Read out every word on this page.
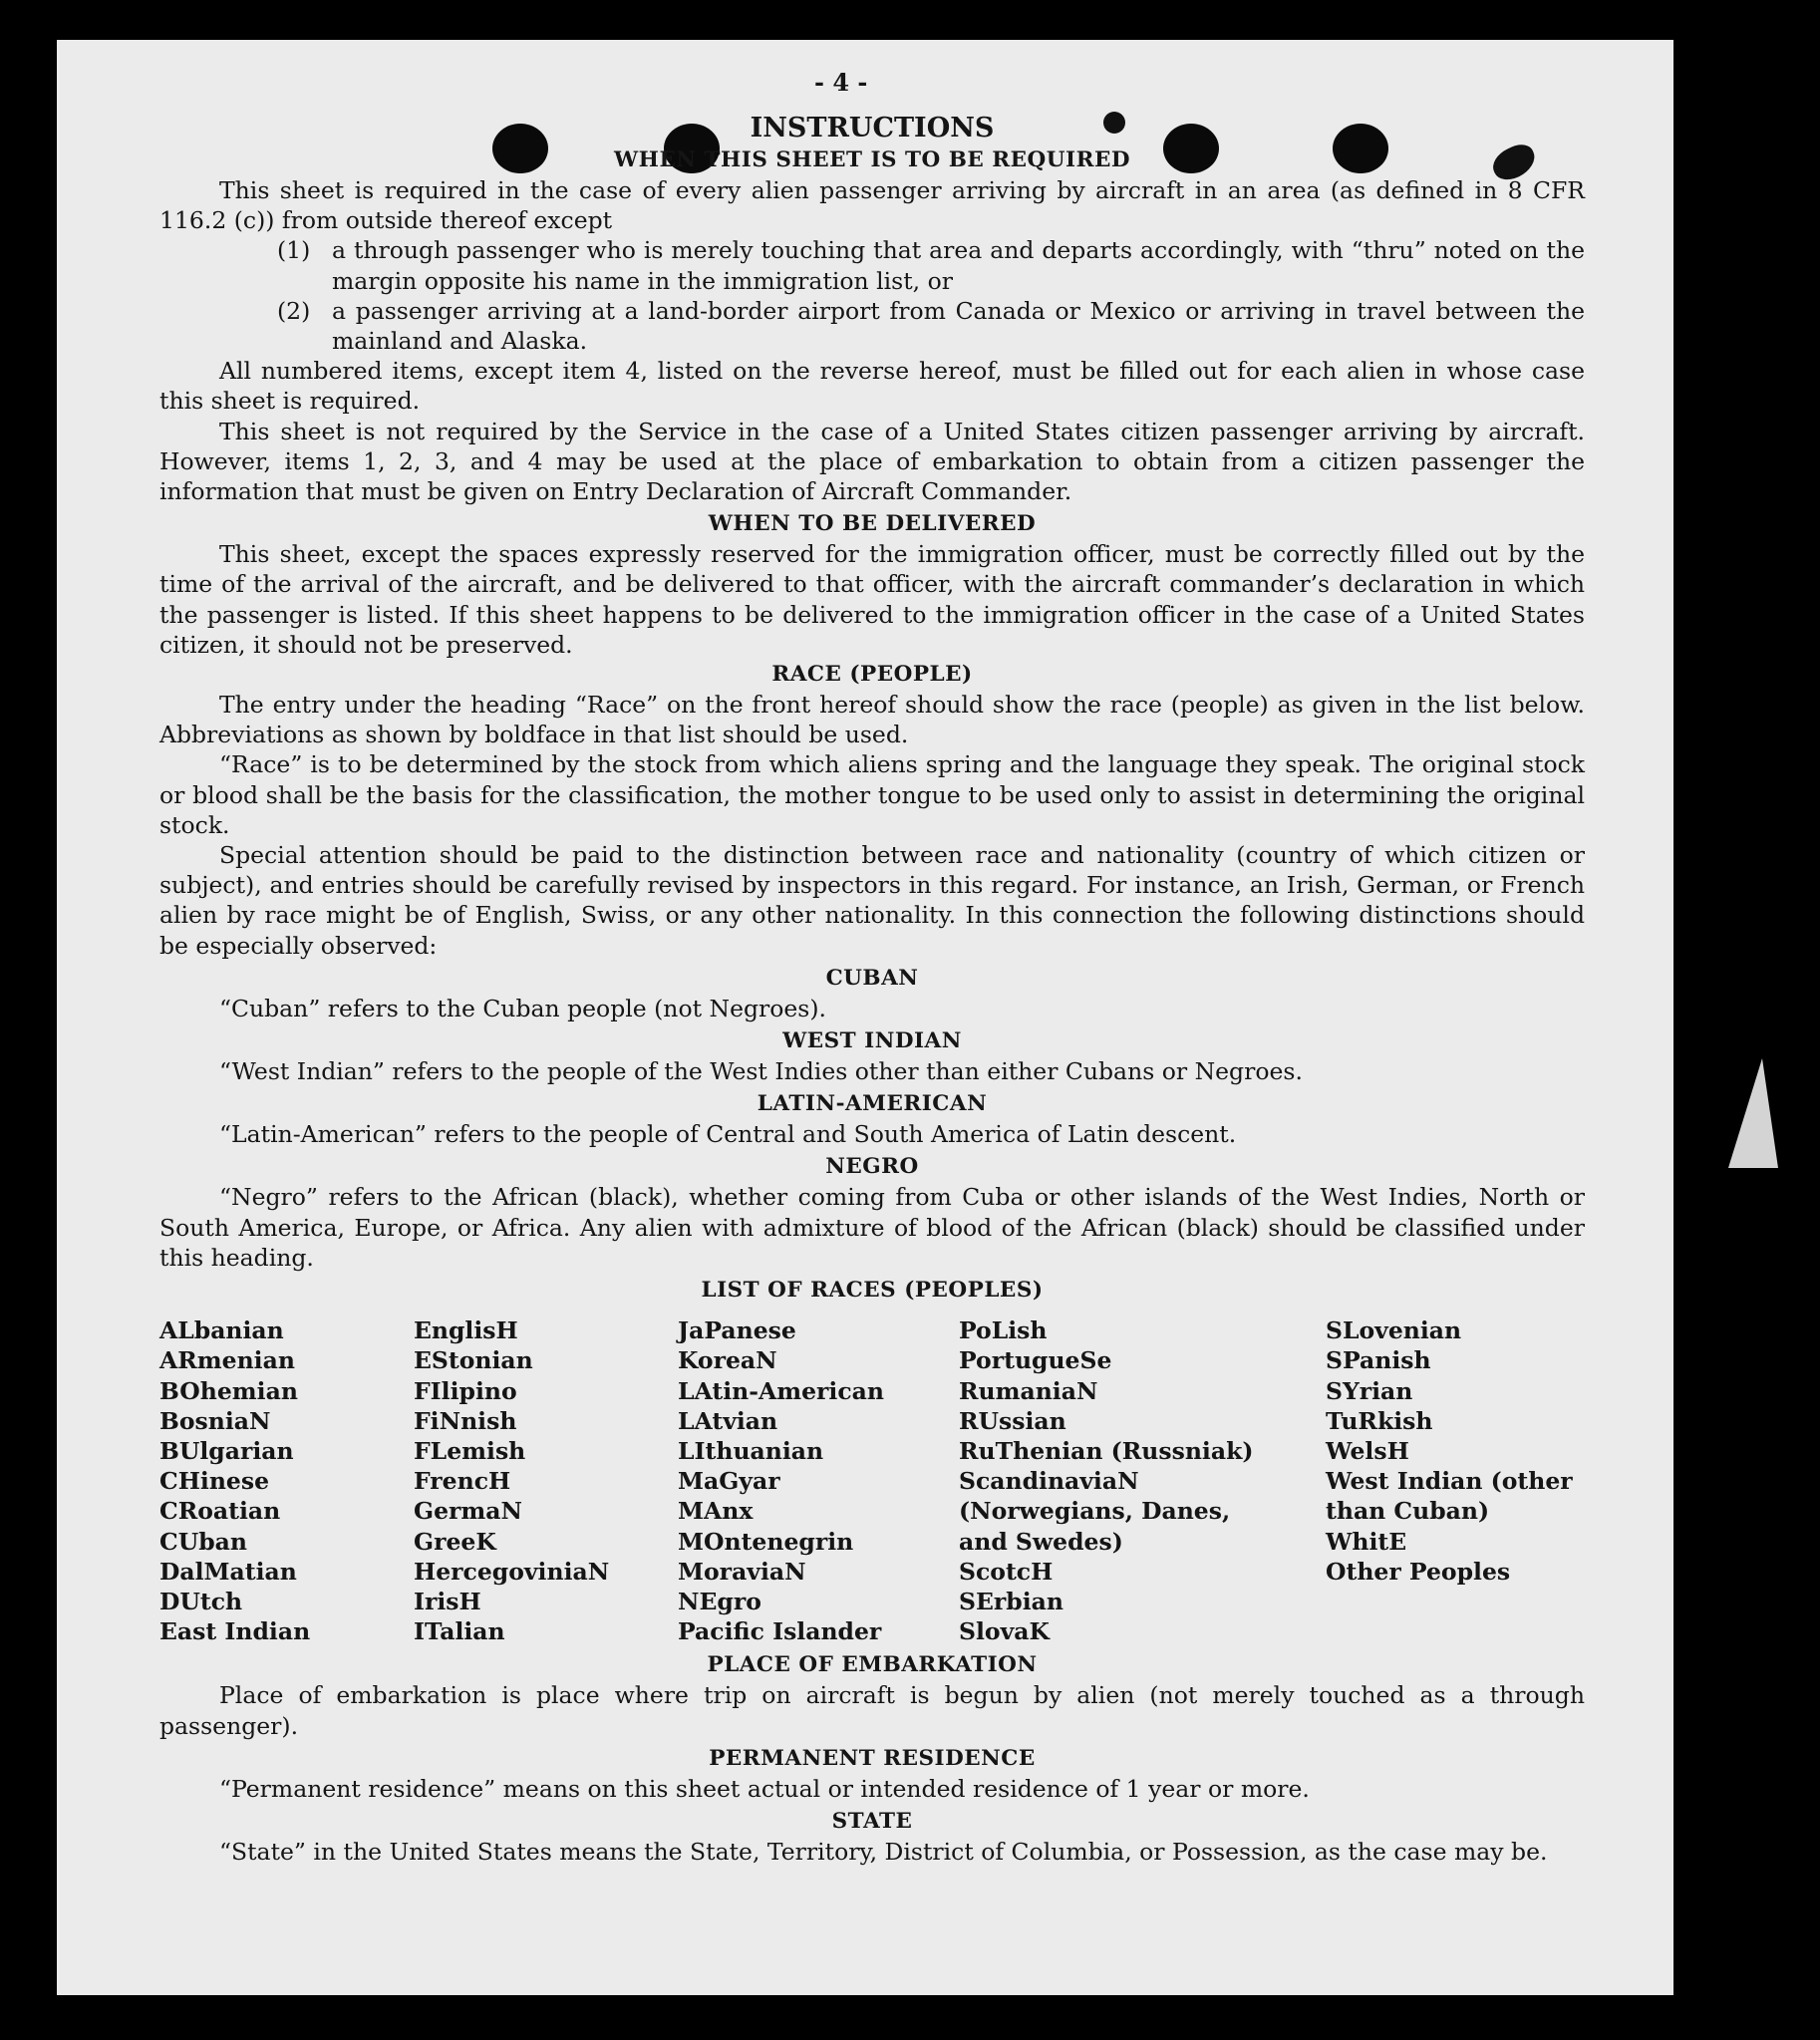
- 4 -
INSTRUCTIONS
WHEN THIS SHEET IS TO BE REQUIRED

This sheet is required in the case of every alien passenger arriving by aircraft in an area (as defined in 8 CFR 116.2 (c)) from outside thereof except

(1) a through passenger who is merely touching that area and departs accordingly, with “thru” noted on the margin opposite his name in the immigration list, or
(2) a passenger arriving at a land-border airport from Canada or Mexico or arriving in travel between the mainland and Alaska.

All numbered items, except item 4, listed on the reverse hereof, must be filled out for each alien in whose case this sheet is required.

This sheet is not required by the Service in the case of a United States citizen passenger arriving by aircraft. However, items 1, 2, 3, and 4 may be used at the place of embarkation to obtain from a citizen passenger the information that must be given on Entry Declaration of Aircraft Commander.

WHEN TO BE DELIVERED

This sheet, except the spaces expressly reserved for the immigration officer, must be correctly filled out by the time of the arrival of the aircraft, and be delivered to that officer, with the aircraft commander’s declaration in which the passenger is listed. If this sheet happens to be delivered to the immigration officer in the case of a United States citizen, it should not be preserved.

RACE (PEOPLE)

The entry under the heading “Race” on the front hereof should show the race (people) as given in the list below. Abbreviations as shown by boldface in that list should be used.

“Race” is to be determined by the stock from which aliens spring and the language they speak. The original stock or blood shall be the basis for the classification, the mother tongue to be used only to assist in determining the original stock.

Special attention should be paid to the distinction between race and nationality (country of which citizen or subject), and entries should be carefully revised by inspectors in this regard. For instance, an Irish, German, or French alien by race might be of English, Swiss, or any other nationality. In this connection the following distinctions should be especially observed:

CUBAN

“Cuban” refers to the Cuban people (not Negroes).

WEST INDIAN

“West Indian” refers to the people of the West Indies other than either Cubans or Negroes.

LATIN-AMERICAN

“Latin-American” refers to the people of Central and South America of Latin descent.

NEGRO

“Negro” refers to the African (black), whether coming from Cuba or other islands of the West Indies, North or South America, Europe, or Africa. Any alien with admixture of blood of the African (black) should be classified under this heading.

LIST OF RACES (PEOPLES)
ALbanian
ARmenian
BOhemian
BosniaN
BUlgarian
CHinese
CRoatian
CUban
DalMatian
DUtch
East Indian
EnglisH
EStonian
FIlipino
FiNnish
FLemish
FrencH
GermaN
GreeK
HercegoviniaN
IrisH
ITalian
JaPanese
KoreaN
LAtin-American
LAtvian
LIthuanian
MaGyar
MAnx
MOntenegrin
MoraviaN
NEgro
Pacific Islander
PoLish
PortugueSe
RumaniaN
RUssian
RuThenian (Russniak)
ScandinaviaN (Norwegians, Danes, and Swedes)
ScotcH
SErbian
SlovaK
SLovenian
SPanish
SYrian
TuRkish
WelsH
West Indian (other than Cuban)
WhitE
Other Peoples
PLACE OF EMBARKATION

Place of embarkation is place where trip on aircraft is begun by alien (not merely touched as a through passenger).

PERMANENT RESIDENCE

“Permanent residence” means on this sheet actual or intended residence of 1 year or more.

STATE

“State” in the United States means the State, Territory, District of Columbia, or Possession, as the case may be.
